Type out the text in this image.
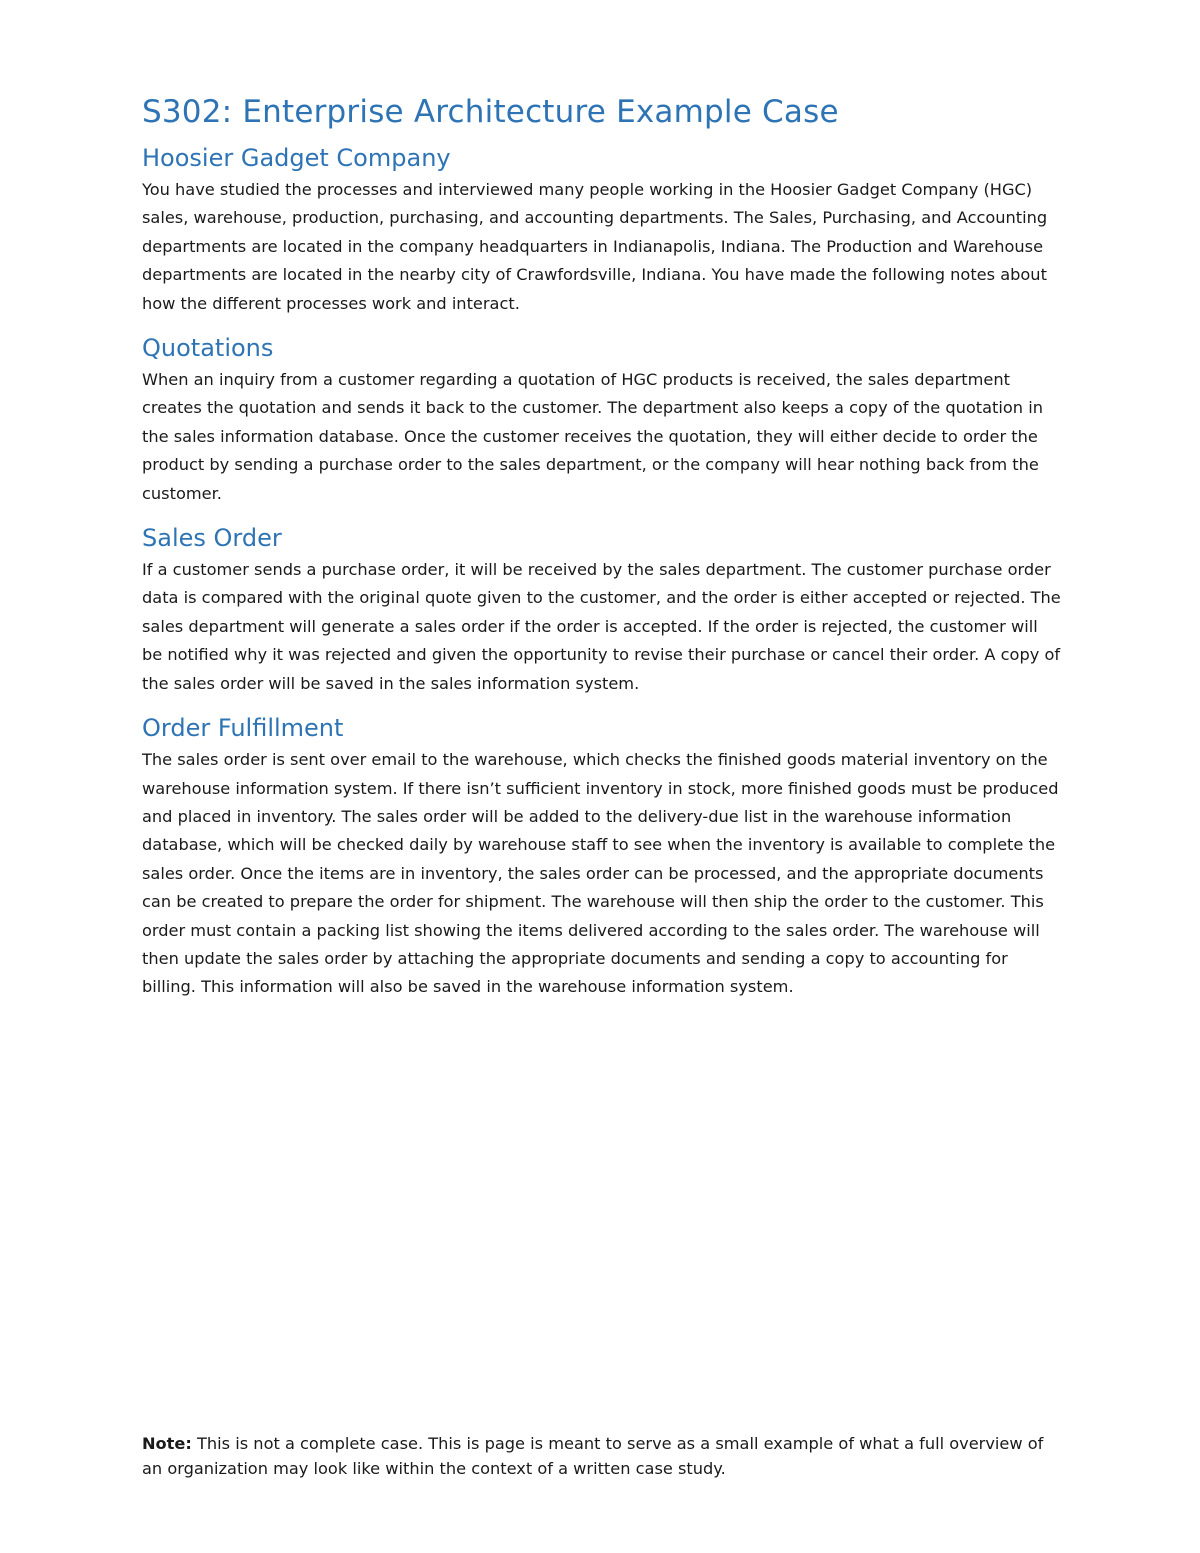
S302: Enterprise Architecture Example Case
Hoosier Gadget Company

You have studied the processes and interviewed many people working in the Hoosier Gadget Company (HGC) sales, warehouse, production, purchasing, and accounting departments. The Sales, Purchasing, and Accounting departments are located in the company headquarters in Indianapolis, Indiana. The Production and Warehouse departments are located in the nearby city of Crawfordsville, Indiana. You have made the following notes about how the different processes work and interact.

Quotations

When an inquiry from a customer regarding a quotation of HGC products is received, the sales department creates the quotation and sends it back to the customer. The department also keeps a copy of the quotation in the sales information database. Once the customer receives the quotation, they will either decide to order the product by sending a purchase order to the sales department, or the company will hear nothing back from the customer.

Sales Order

If a customer sends a purchase order, it will be received by the sales department. The customer purchase order data is compared with the original quote given to the customer, and the order is either accepted or rejected. The sales department will generate a sales order if the order is accepted. If the order is rejected, the customer will be notified why it was rejected and given the opportunity to revise their purchase or cancel their order. A copy of the sales order will be saved in the sales information system.

Order Fulfillment

The sales order is sent over email to the warehouse, which checks the finished goods material inventory on the warehouse information system. If there isn’t sufficient inventory in stock, more finished goods must be produced and placed in inventory. The sales order will be added to the delivery-due list in the warehouse information database, which will be checked daily by warehouse staff to see when the inventory is available to complete the sales order. Once the items are in inventory, the sales order can be processed, and the appropriate documents can be created to prepare the order for shipment. The warehouse will then ship the order to the customer. This order must contain a packing list showing the items delivered according to the sales order. The warehouse will then update the sales order by attaching the appropriate documents and sending a copy to accounting for billing. This information will also be saved in the warehouse information system.

Note: This is not a complete case. This is page is meant to serve as a small example of what a full overview of an organization may look like within the context of a written case study.
